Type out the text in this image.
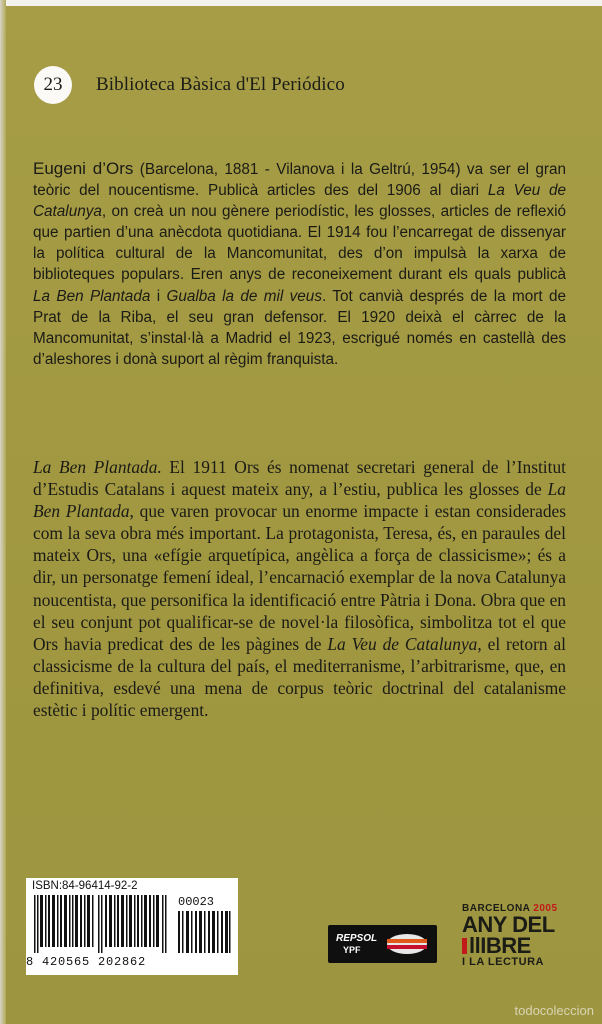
23	Biblioteca Bàsica d'El Periódico

Eugeni d’Ors (Barcelona, 1881 - Vilanova i la Geltrú, 1954) va ser el gran teòric del noucentisme. Publicà articles des del 1906 al diari La Veu de Catalunya, on creà un nou gènere periodístic, les glosses, articles de reflexió que partien d’una anècdota quotidiana. El 1914 fou l’encarregat de dissenyar la política cultural de la Mancomunitat, des d’on impulsà la xarxa de biblioteques populars. Eren anys de reconeixement durant els quals publicà La Ben Plantada i Gualba la de mil veus. Tot canvià després de la mort de Prat de la Riba, el seu gran defensor. El 1920 deixà el càrrec de la Mancomunitat, s’instal·là a Madrid el 1923, escrigué només en castellà des d’aleshores i donà suport al règim franquista.

La Ben Plantada. El 1911 Ors és nomenat secretari general de l’Institut d’Estudis Catalans i aquest mateix any, a l’estiu, publica les glosses de La Ben Plantada, que varen provocar un enorme impacte i estan considerades com la seva obra més important. La protagonista, Teresa, és, en paraules del mateix Ors, una «efígie arquetípica, angèlica a força de classicisme»; és a dir, un personatge femení ideal, l’encarnació exemplar de la nova Catalunya noucentista, que personifica la identificació entre Pàtria i Dona. Obra que en el seu conjunt pot qualificar-se de novel·la filosòfica, simbolitza tot el que Ors havia predicat des de les pàgines de La Veu de Catalunya, el retorn al classicisme de la cultura del país, el mediterranisme, l’arbitrarisme, que, en definitiva, esdevé una mena de corpus teòric doctrinal del catalanisme estètic i polític emergent.

ISBN:84-96414-92-2
00023
8 420565 202862
REPSOL
YPF
BARCELONA 2005
ANY DEL
llIBRE
I LA LECTURA
todocoleccion
